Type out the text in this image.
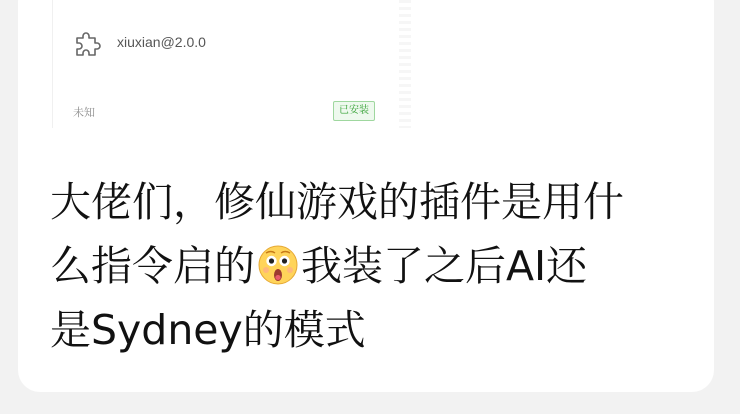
xiuxian@2.0.0
未知	已安装
大佬们，修仙游戏的插件是用什
么指令启的 我装了之后AI还
是Sydney的模式
